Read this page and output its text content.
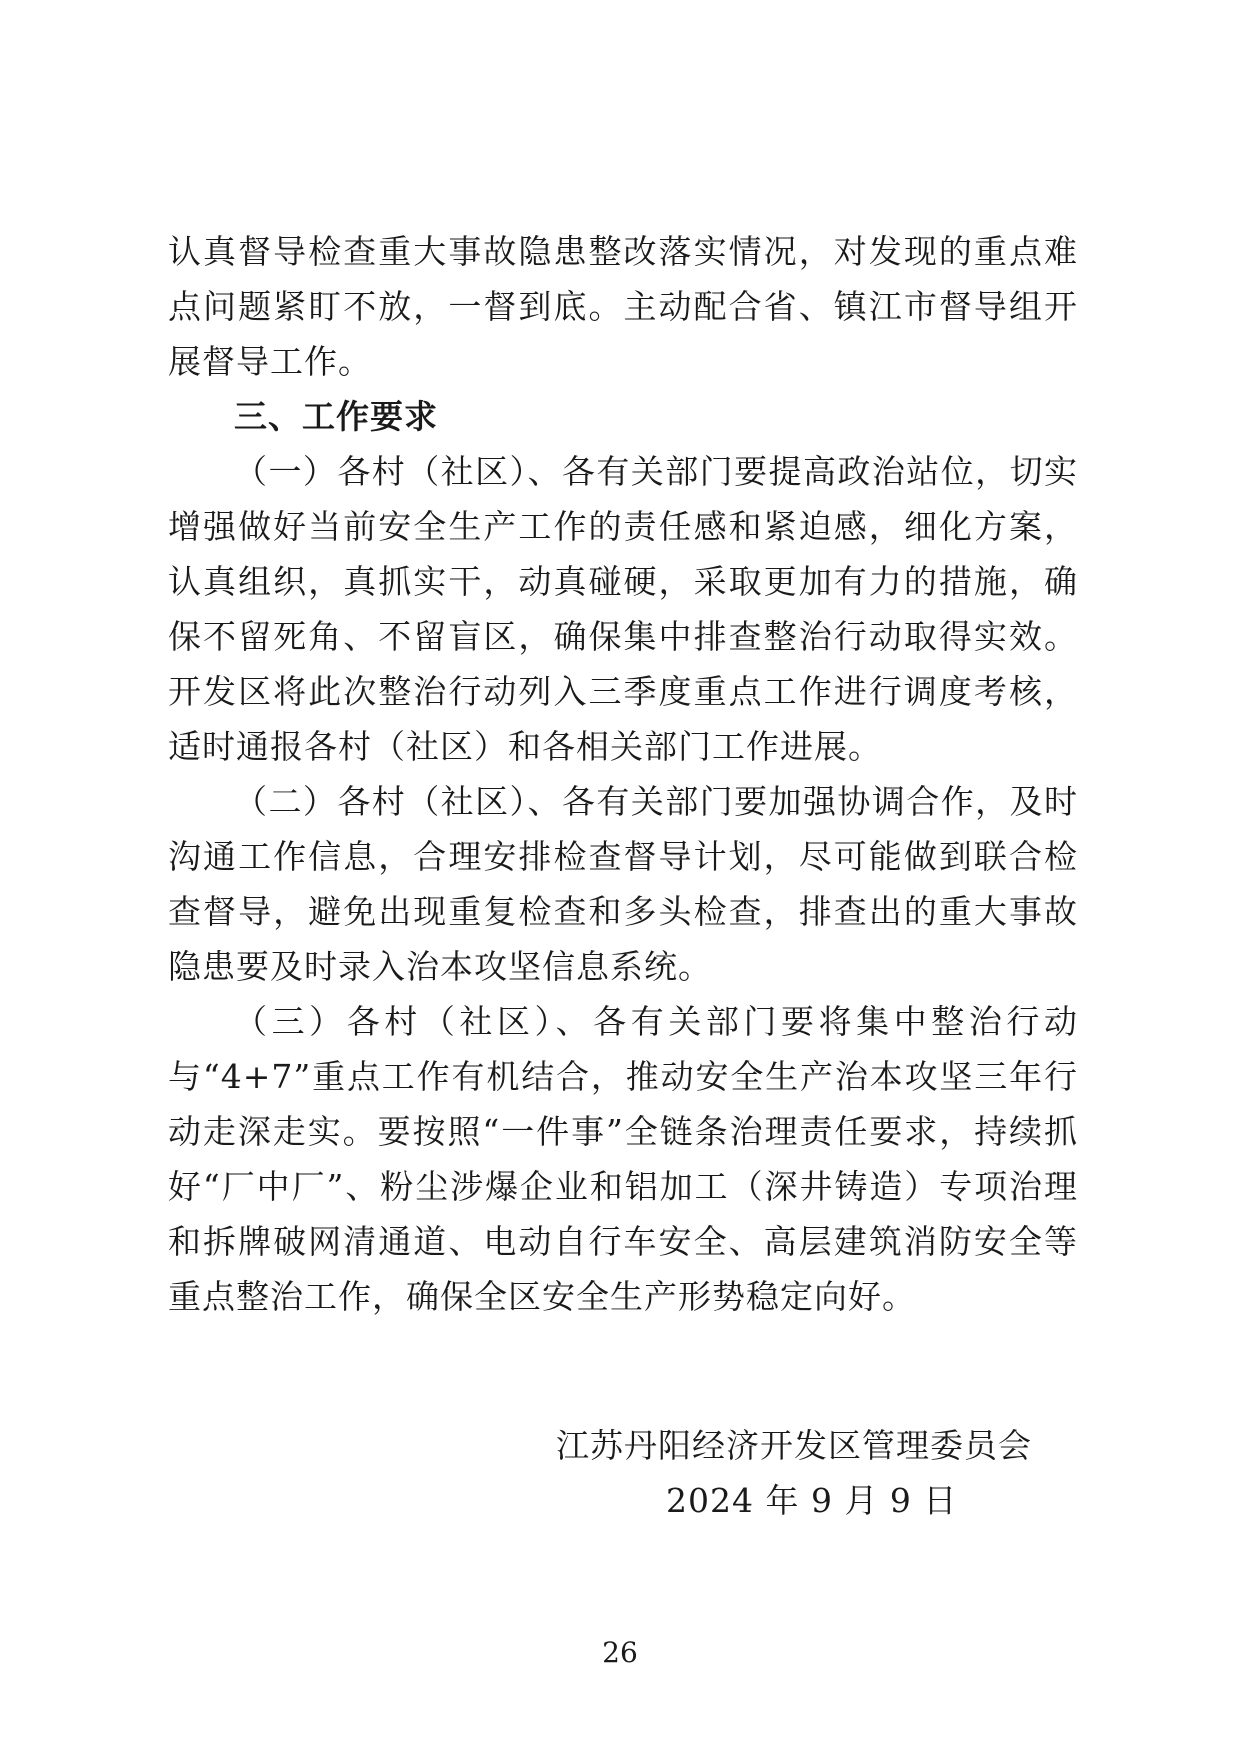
认真督导检查重大事故隐患整改落实情况，对发现的重点难点问题紧盯不放，一督到底。主动配合省、镇江市督导组开展督导工作。

三、工作要求

（一）各村（社区）、各有关部门要提高政治站位，切实增强做好当前安全生产工作的责任感和紧迫感，细化方案，认真组织，真抓实干，动真碰硬，采取更加有力的措施，确保不留死角、不留盲区，确保集中排查整治行动取得实效。开发区将此次整治行动列入三季度重点工作进行调度考核，适时通报各村（社区）和各相关部门工作进展。

（二）各村（社区）、各有关部门要加强协调合作，及时沟通工作信息，合理安排检查督导计划，尽可能做到联合检查督导，避免出现重复检查和多头检查，排查出的重大事故隐患要及时录入治本攻坚信息系统。

（三）各村（社区）、各有关部门要将集中整治行动与“4+7”重点工作有机结合，推动安全生产治本攻坚三年行动走深走实。要按照“一件事”全链条治理责任要求，持续抓好“厂中厂”、粉尘涉爆企业和铝加工（深井铸造）专项治理和拆牌破网清通道、电动自行车安全、高层建筑消防安全等重点整治工作，确保全区安全生产形势稳定向好。

江苏丹阳经济开发区管理委员会
2024 年 9 月 9 日
26
